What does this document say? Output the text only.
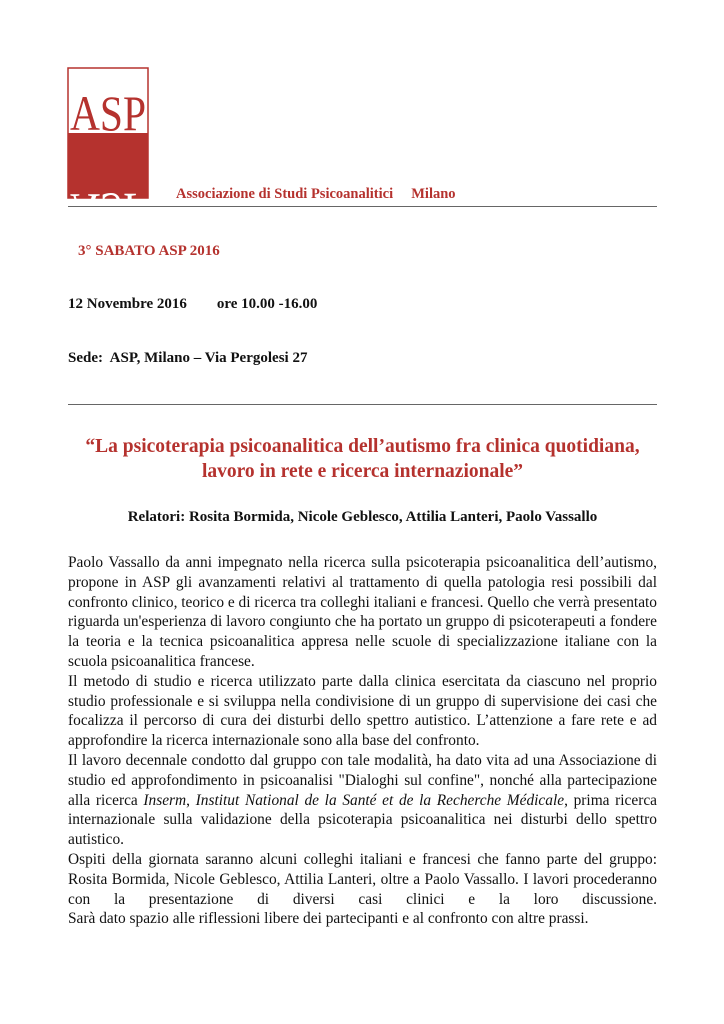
ASP
ASP Associazione di Studi Psicoanalitici     Milano
3° SABATO ASP 2016
12 Novembre 2016        ore 10.00 -16.00
Sede:  ASP, Milano – Via Pergolesi 27
“La psicoterapia psicoanalitica dell’autismo fra clinica quotidiana,
lavoro in rete e ricerca internazionale”
Relatori: Rosita Bormida, Nicole Geblesco, Attilia Lanteri, Paolo Vassallo

Paolo Vassallo da anni impegnato nella ricerca sulla psicoterapia psicoanalitica dell’autismo, propone in ASP gli avanzamenti relativi al trattamento di quella patologia resi possibili dal confronto clinico, teorico e di ricerca tra colleghi italiani e francesi. Quello che verrà presentato riguarda un'esperienza di lavoro congiunto che ha portato un gruppo di psicoterapeuti a fondere la teoria e la tecnica psicoanalitica appresa nelle scuole di specializzazione italiane con la scuola psicoanalitica francese.

Il metodo di studio e ricerca utilizzato parte dalla clinica esercitata da ciascuno nel proprio studio professionale e si sviluppa nella condivisione di un gruppo di supervisione dei casi che focalizza il percorso di cura dei disturbi dello spettro autistico. L’attenzione a fare rete e ad approfondire la ricerca internazionale sono alla base del confronto.

Il lavoro decennale condotto dal gruppo con tale modalità, ha dato vita ad una Associazione di studio ed approfondimento in psicoanalisi "Dialoghi sul confine", nonché alla partecipazione alla ricerca Inserm, Institut National de la Santé et de la Recherche Médicale, prima ricerca internazionale sulla validazione della psicoterapia psicoanalitica nei disturbi dello spettro autistico.

Ospiti della giornata saranno alcuni colleghi italiani e francesi che fanno parte del gruppo: Rosita Bormida, Nicole Geblesco, Attilia Lanteri, oltre a Paolo Vassallo. I lavori procederanno con la presentazione di diversi casi clinici e la loro discussione.

Sarà dato spazio alle riflessioni libere dei partecipanti e al confronto con altre prassi.
